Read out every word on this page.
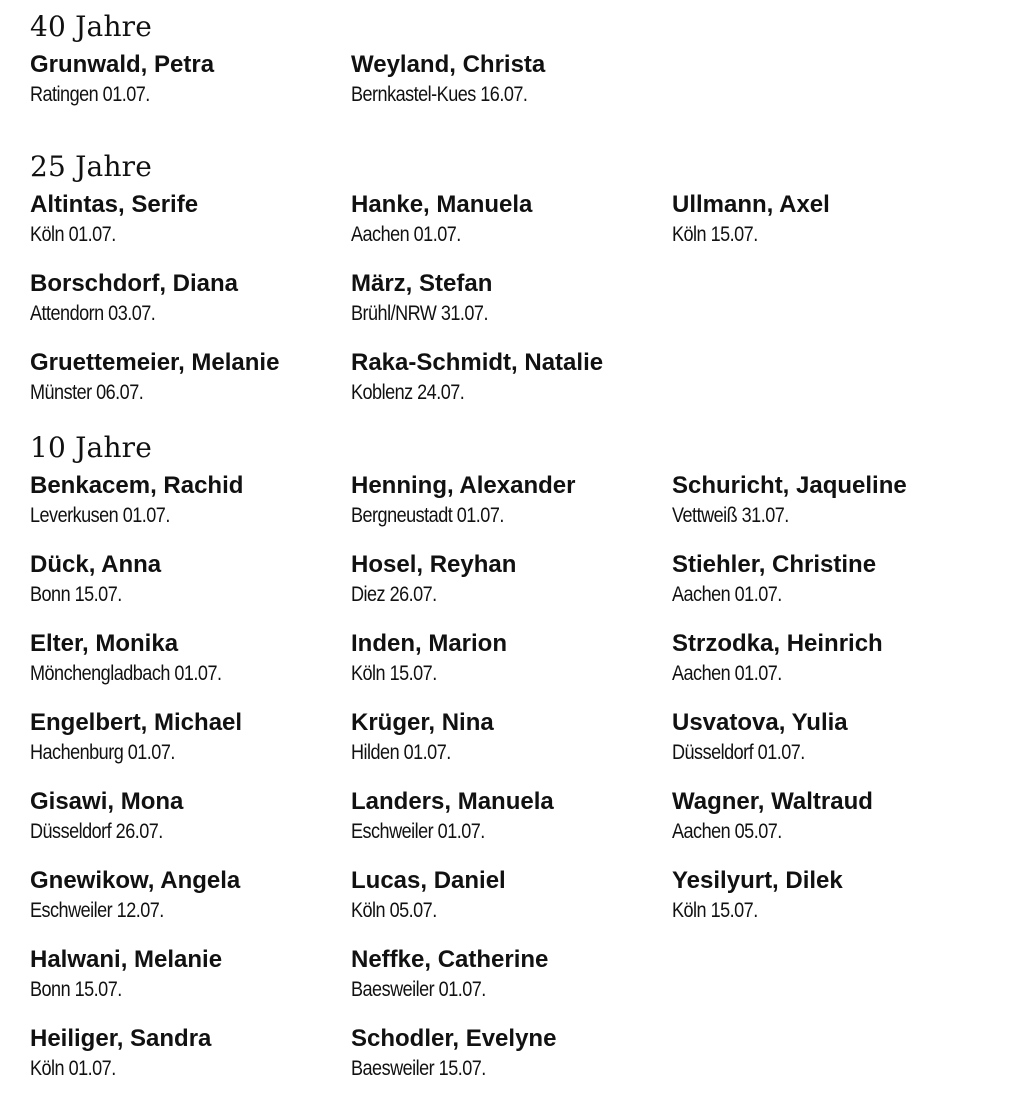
40 Jahre
Grunwald, Petra
Ratingen 01.07.
Weyland, Christa
Bernkastel-Kues 16.07.
25 Jahre
Altintas, Serife
Köln 01.07.
Borschdorf, Diana
Attendorn 03.07.
Gruettemeier, Melanie
Münster 06.07.
Hanke, Manuela
Aachen 01.07.
März, Stefan
Brühl/NRW 31.07.
Raka-Schmidt, Natalie
Koblenz 24.07.
Ullmann, Axel
Köln 15.07.
10 Jahre
Benkacem, Rachid
Leverkusen 01.07.
Dück, Anna
Bonn 15.07.
Elter, Monika
Mönchengladbach 01.07.
Engelbert, Michael
Hachenburg 01.07.
Gisawi, Mona
Düsseldorf 26.07.
Gnewikow, Angela
Eschweiler 12.07.
Halwani, Melanie
Bonn 15.07.
Heiliger, Sandra
Köln 01.07.
Henning, Alexander
Bergneustadt 01.07.
Hosel, Reyhan
Diez 26.07.
Inden, Marion
Köln 15.07.
Krüger, Nina
Hilden 01.07.
Landers, Manuela
Eschweiler 01.07.
Lucas, Daniel
Köln 05.07.
Neffke, Catherine
Baesweiler 01.07.
Schodler, Evelyne
Baesweiler 15.07.
Schuricht, Jaqueline
Vettweiß 31.07.
Stiehler, Christine
Aachen 01.07.
Strzodka, Heinrich
Aachen 01.07.
Usvatova, Yulia
Düsseldorf 01.07.
Wagner, Waltraud
Aachen 05.07.
Yesilyurt, Dilek
Köln 15.07.
